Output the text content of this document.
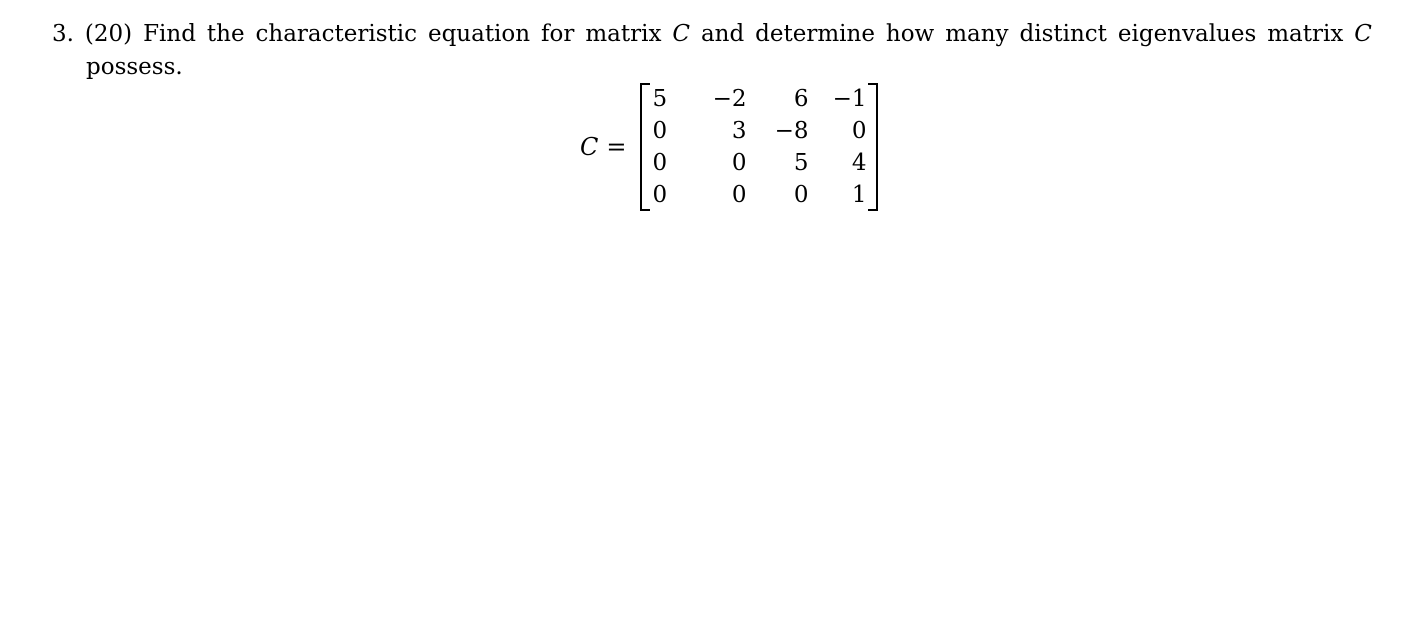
3. (20) Find the characteristic equation for matrix C and determine how many distinct eigenvalues matrix C
possess.
C =
5	−2	6	−1
0	3	−8	0
0	0	5	4
0	0	0	1
